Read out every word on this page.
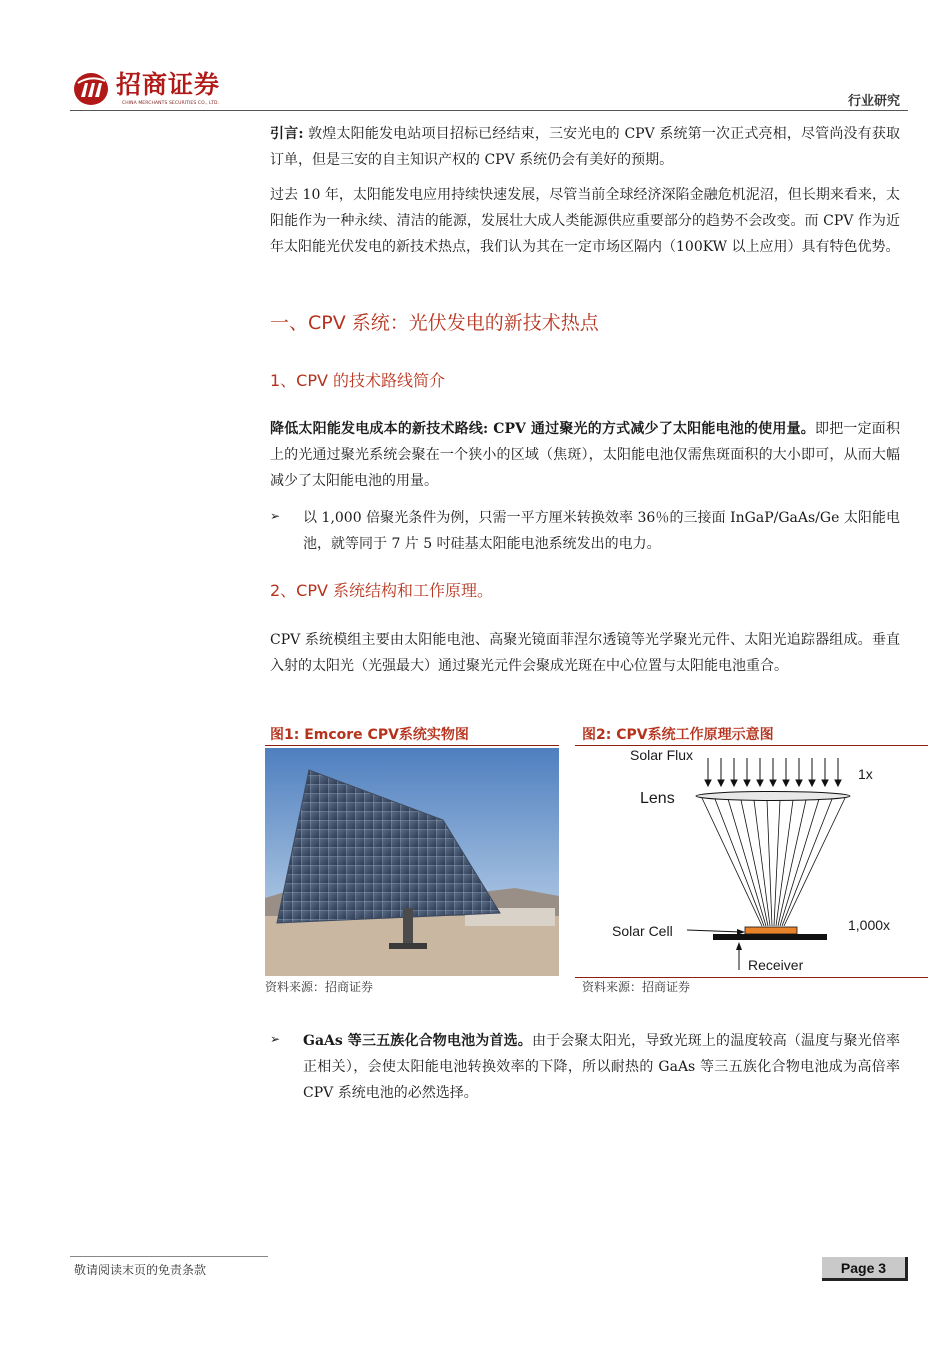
招商证券
CHINA MERCHANTS SECURITIES CO., LTD.	行业研究
引言: 敦煌太阳能发电站项目招标已经结束，三安光电的 CPV 系统第一次正式亮相，尽管尚没有获取订单，但是三安的自主知识产权的 CPV 系统仍会有美好的预期。
过去 10 年，太阳能发电应用持续快速发展，尽管当前全球经济深陷金融危机泥沼，但长期来看来，太阳能作为一种永续、清洁的能源，发展壮大成人类能源供应重要部分的趋势不会改变。而 CPV 作为近年太阳能光伏发电的新技术热点，我们认为其在一定市场区隔内（100KW 以上应用）具有特色优势。
一、CPV 系统：光伏发电的新技术热点
1、CPV 的技术路线简介
降低太阳能发电成本的新技术路线: CPV 通过聚光的方式减少了太阳能电池的使用量。即把一定面积上的光通过聚光系统会聚在一个狭小的区域（焦斑），太阳能电池仅需焦斑面积的大小即可，从而大幅减少了太阳能电池的用量。
➢ 以 1,000 倍聚光条件为例，只需一平方厘米转换效率 36％的三接面 InGaP/GaAs/Ge 太阳能电池，就等同于 7 片 5 吋硅基太阳能电池系统发出的电力。
2、CPV 系统结构和工作原理。
CPV 系统模组主要由太阳能电池、高聚光镜面菲涅尔透镜等光学聚光元件、太阳光追踪器组成。垂直入射的太阳光（光强最大）通过聚光元件会聚成光斑在中心位置与太阳能电池重合。
图1: Emcore CPV系统实物图
资料来源：招商证券
图2: CPV系统工作原理示意图
Solar Flux
Lens
1x
Solar Cell	1,000x
Receiver
资料来源：招商证券
➢ GaAs 等三五族化合物电池为首选。由于会聚太阳光，导致光斑上的温度较高（温度与聚光倍率正相关），会使太阳能电池转换效率的下降，所以耐热的 GaAs 等三五族化合物电池成为高倍率 CPV 系统电池的必然选择。
敬请阅读末页的免责条款	Page 3
